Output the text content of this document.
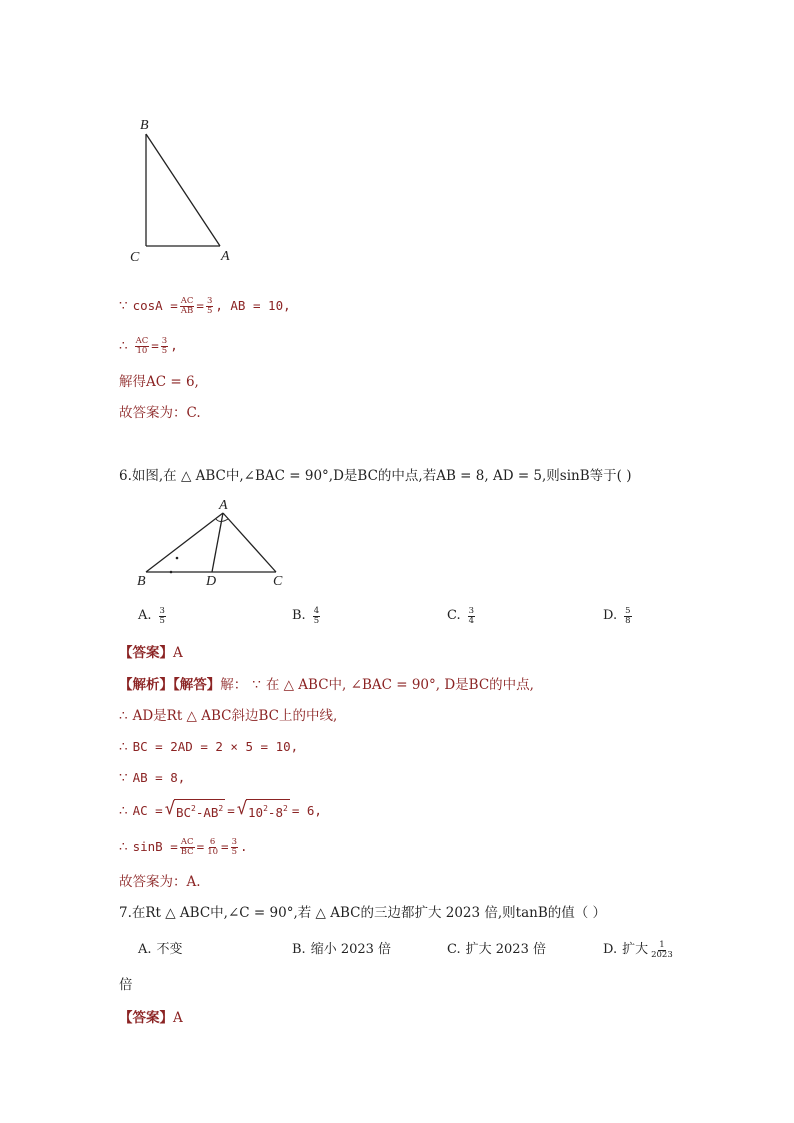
B
C	A
∵ $\cos A = \frac{AC}{AB} = \frac{3}{5}$ , AB = 10,
∴ $\frac{AC}{10} = \frac{3}{5}$ ,
解得AC = 6,
故答案为：C.
6.如图,在 △ ABC中,∠BAC = 90°,D是BC的中点,若AB = 8, AD = 5,则sinB等于( )
A
B	D	C
A. $\frac{3}{5}$	B. $\frac{4}{5}$	C. $\frac{3}{4}$	D. $\frac{5}{8}$
【答案】 A
【解析】【解答】 解： ∵ 在 △ ABC中, ∠BAC = 90°, D是BC的中点,
∴ AD是Rt △ ABC斜边BC上的中线,
∴ BC = 2AD = 2 × 5 = 10,
∵ AB = 8,
∴ AC = √ $BC^2-AB^2$ = √ $10^2-8^2 = 6$,
∴ $\sin B = \frac{AC}{BC} = \frac{6}{10} = \frac{3}{5}$ .
故答案为：A.
7.在Rt △ ABC中,∠C = 90°,若 △ ABC的三边都扩大 2023 倍,则tanB的值（ ）
A. 不变	B. 缩小 2023 倍	C. 扩大 2023 倍	D. 扩大 $\frac{1}{2023}$
倍
【答案】 A
